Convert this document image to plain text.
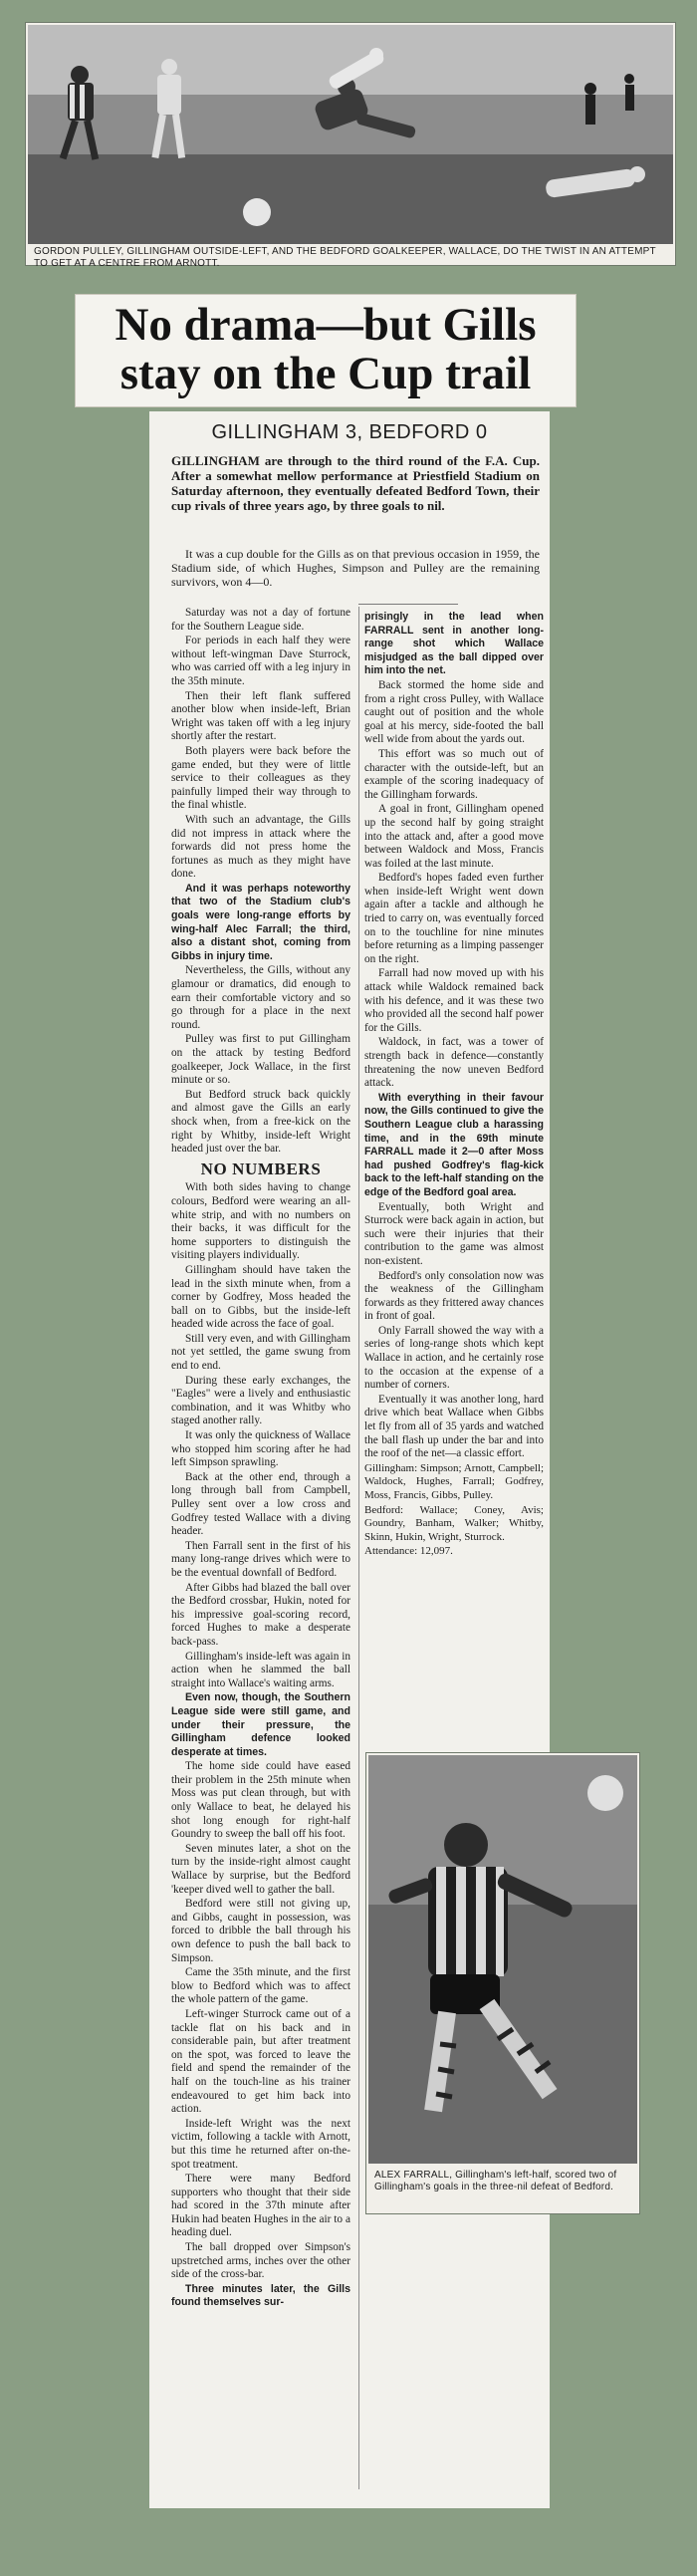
GORDON PULLEY, GILLINGHAM OUTSIDE-LEFT, AND THE BEDFORD GOALKEEPER, WALLACE, DO THE TWIST IN AN ATTEMPT TO GET AT A CENTRE FROM ARNOTT.
No drama—but Gills stay on the Cup trail
GILLINGHAM 3, BEDFORD 0
GILLINGHAM are through to the third round of the F.A. Cup. After a somewhat mellow performance at Priestfield Stadium on Saturday afternoon, they eventually defeated Bedford Town, their cup rivals of three years ago, by three goals to nil.

It was a cup double for the Gills as on that previous occasion in 1959, the Stadium side, of which Hughes, Simpson and Pulley are the remaining survivors, won 4—0.

Saturday was not a day of fortune for the Southern League side.

For periods in each half they were without left-wingman Dave Sturrock, who was carried off with a leg injury in the 35th minute.

Then their left flank suffered another blow when inside-left, Brian Wright was taken off with a leg injury shortly after the restart.

Both players were back before the game ended, but they were of little service to their colleagues as they painfully limped their way through to the final whistle.

With such an advantage, the Gills did not impress in attack where the forwards did not press home the fortunes as much as they might have done.

And it was perhaps noteworthy that two of the Stadium club's goals were long-range efforts by wing-half Alec Farrall; the third, also a distant shot, coming from Gibbs in injury time.

Nevertheless, the Gills, without any glamour or dramatics, did enough to earn their comfortable victory and so go through for a place in the next round.

Pulley was first to put Gillingham on the attack by testing Bedford goalkeeper, Jock Wallace, in the first minute or so.

But Bedford struck back quickly and almost gave the Gills an early shock when, from a free-kick on the right by Whitby, inside-left Wright headed just over the bar.

NO NUMBERS

With both sides having to change colours, Bedford were wearing an all-white strip, and with no numbers on their backs, it was difficult for the home supporters to distinguish the visiting players individually.

Gillingham should have taken the lead in the sixth minute when, from a corner by Godfrey, Moss headed the ball on to Gibbs, but the inside-left headed wide across the face of goal.

Still very even, and with Gillingham not yet settled, the game swung from end to end.

During these early exchanges, the "Eagles" were a lively and enthusiastic combination, and it was Whitby who staged another rally.

It was only the quickness of Wallace who stopped him scoring after he had left Simpson sprawling.

Back at the other end, through a long through ball from Campbell, Pulley sent over a low cross and Godfrey tested Wallace with a diving header.

Then Farrall sent in the first of his many long-range drives which were to be the eventual downfall of Bedford.

After Gibbs had blazed the ball over the Bedford crossbar, Hukin, noted for his impressive goal-scoring record, forced Hughes to make a desperate back-pass.

Gillingham's inside-left was again in action when he slammed the ball straight into Wallace's waiting arms.

Even now, though, the Southern League side were still game, and under their pressure, the Gillingham defence looked desperate at times.

The home side could have eased their problem in the 25th minute when Moss was put clean through, but with only Wallace to beat, he delayed his shot long enough for right-half Goundry to sweep the ball off his foot.

Seven minutes later, a shot on the turn by the inside-right almost caught Wallace by surprise, but the Bedford 'keeper dived well to gather the ball.

Bedford were still not giving up, and Gibbs, caught in possession, was forced to dribble the ball through his own defence to push the ball back to Simpson.

Came the 35th minute, and the first blow to Bedford which was to affect the whole pattern of the game.

Left-winger Sturrock came out of a tackle flat on his back and in considerable pain, but after treatment on the spot, was forced to leave the field and spend the remainder of the half on the touch-line as his trainer endeavoured to get him back into action.

Inside-left Wright was the next victim, following a tackle with Arnott, but this time he returned after on-the-spot treatment.

There were many Bedford supporters who thought that their side had scored in the 37th minute after Hukin had beaten Hughes in the air to a heading duel.

The ball dropped over Simpson's upstretched arms, inches over the other side of the cross-bar.

Three minutes later, the Gills found themselves sur-

prisingly in the lead when FARRALL sent in another long-range shot which Wallace misjudged as the ball dipped over him into the net.

Back stormed the home side and from a right cross Pulley, with Wallace caught out of position and the whole goal at his mercy, side-footed the ball well wide from about the yards out.

This effort was so much out of character with the outside-left, but an example of the scoring inadequacy of the Gillingham forwards.

A goal in front, Gillingham opened up the second half by going straight into the attack and, after a good move between Waldock and Moss, Francis was foiled at the last minute.

Bedford's hopes faded even further when inside-left Wright went down again after a tackle and although he tried to carry on, was eventually forced on to the touchline for nine minutes before returning as a limping passenger on the right.

Farrall had now moved up with his attack while Waldock remained back with his defence, and it was these two who provided all the second half power for the Gills.

Waldock, in fact, was a tower of strength back in defence—constantly threatening the now uneven Bedford attack.

With everything in their favour now, the Gills continued to give the Southern League club a harassing time, and in the 69th minute FARRALL made it 2—0 after Moss had pushed Godfrey's flag-kick back to the left-half standing on the edge of the Bedford goal area.

Eventually, both Wright and Sturrock were back again in action, but such were their injuries that their contribution to the game was almost non-existent.

Bedford's only consolation now was the weakness of the Gillingham forwards as they frittered away chances in front of goal.

Only Farrall showed the way with a series of long-range shots which kept Wallace in action, and he certainly rose to the occasion at the expense of a number of corners.

Eventually it was another long, hard drive which beat Wallace when Gibbs let fly from all of 35 yards and watched the ball flash up under the bar and into the roof of the net—a classic effort.

Gillingham: Simpson; Arnott, Campbell; Waldock, Hughes, Farrall; Godfrey, Moss, Francis, Gibbs, Pulley.

Bedford: Wallace; Coney, Avis; Goundry, Banham, Walker; Whitby, Skinn, Hukin, Wright, Sturrock.

Attendance: 12,097.

ALEX FARRALL, Gillingham's left-half, scored two of Gillingham's goals in the three-nil defeat of Bedford.
